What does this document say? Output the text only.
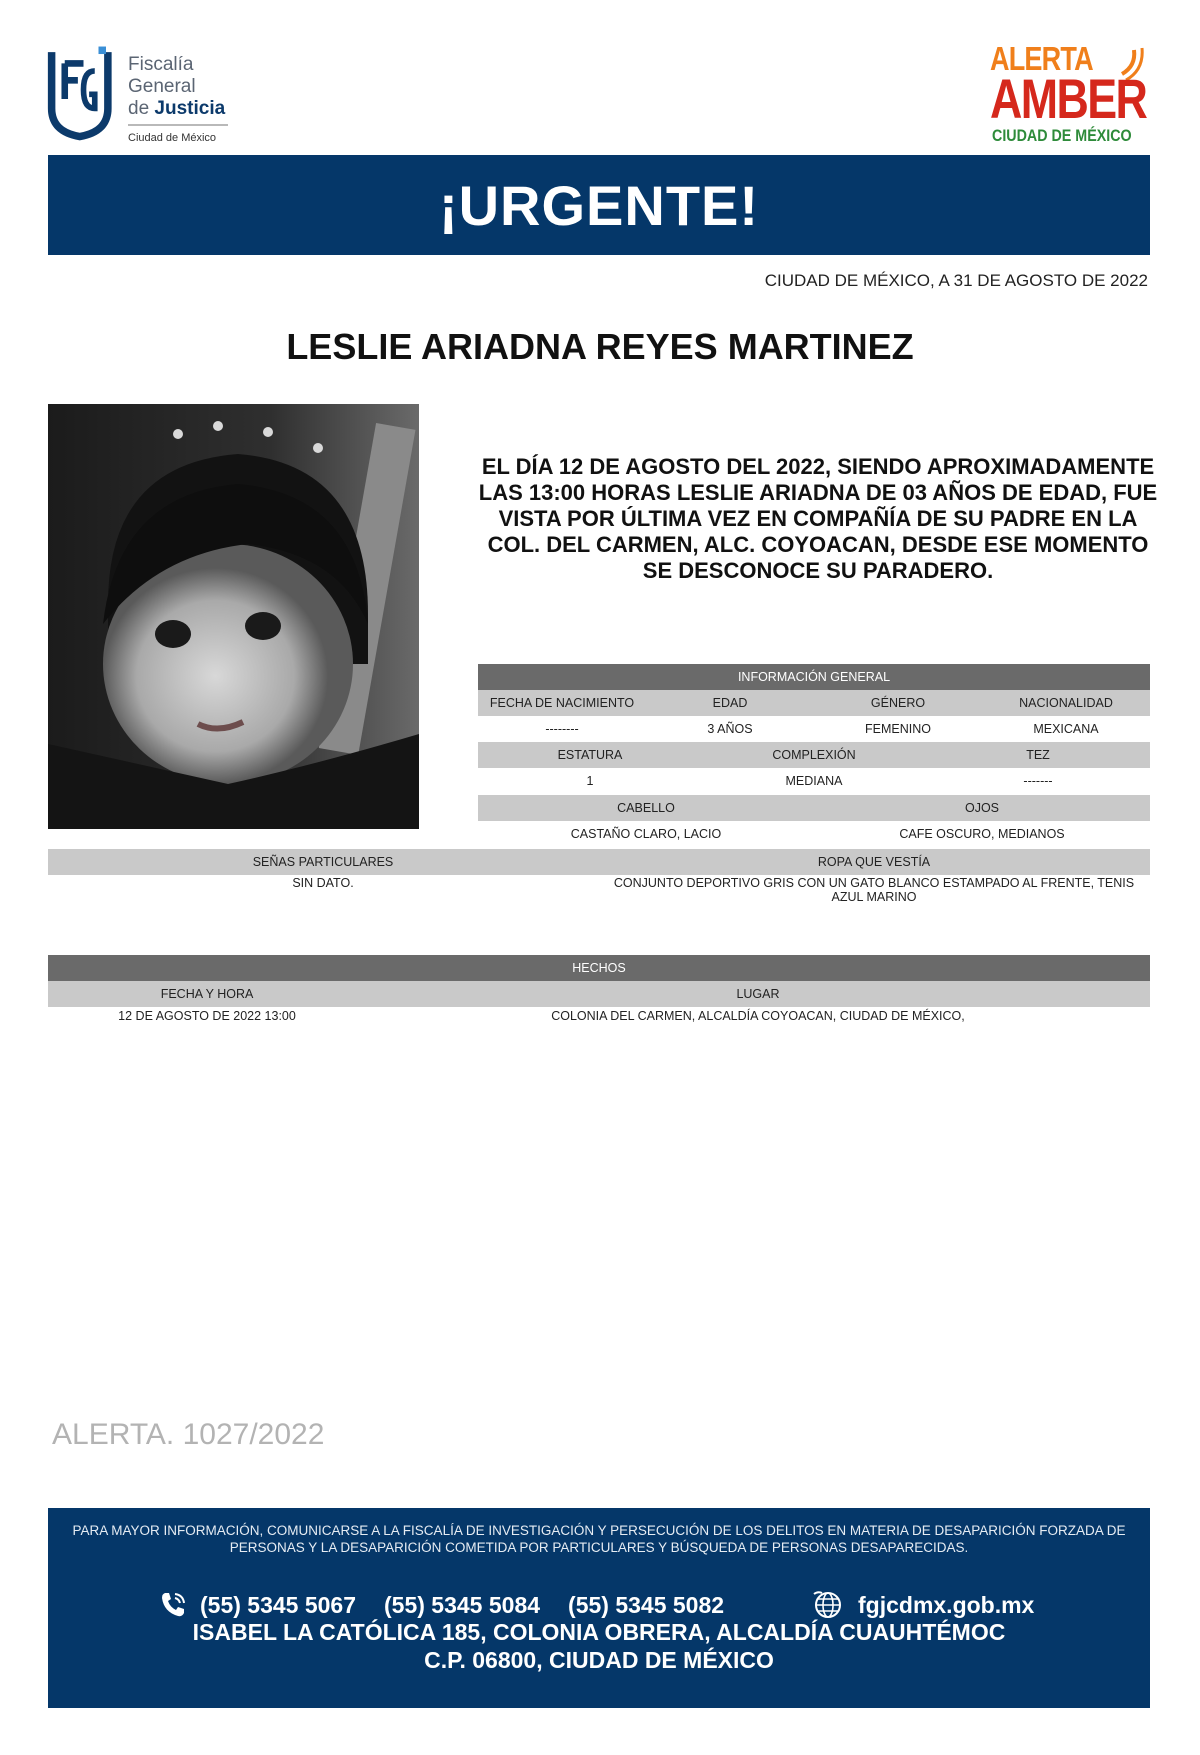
Fiscalía
General
de Justicia
Ciudad de México
ALERTA
AMBER
CIUDAD DE MÉXICO
¡URGENTE!
CIUDAD DE MÉXICO, A 31 DE AGOSTO DE 2022
LESLIE ARIADNA REYES MARTINEZ
EL DÍA 12 DE AGOSTO DEL 2022, SIENDO APROXIMADAMENTE LAS 13:00 HORAS LESLIE ARIADNA DE 03 AÑOS DE EDAD, FUE VISTA POR ÚLTIMA VEZ EN COMPAÑÍA DE SU PADRE EN LA COL. DEL CARMEN, ALC. COYOACAN, DESDE ESE MOMENTO SE DESCONOCE SU PARADERO.
INFORMACIÓN GENERAL
FECHA DE NACIMIENTO	EDAD	GÉNERO	NACIONALIDAD
--------	3 AÑOS	FEMENINO	MEXICANA
ESTATURA	COMPLEXIÓN	TEZ
1	MEDIANA	-------
CABELLO	OJOS
CASTAÑO CLARO, LACIO	CAFE OSCURO, MEDIANOS
SEÑAS PARTICULARES	ROPA QUE VESTÍA
SIN DATO.	CONJUNTO DEPORTIVO GRIS CON UN GATO BLANCO ESTAMPADO AL FRENTE, TENIS AZUL MARINO
HECHOS
FECHA Y HORA	LUGAR
12 DE AGOSTO DE 2022 13:00	COLONIA DEL CARMEN, ALCALDÍA COYOACAN, CIUDAD DE MÉXICO,
ALERTA. 1027/2022
PARA MAYOR INFORMACIÓN, COMUNICARSE A LA FISCALÍA DE INVESTIGACIÓN Y PERSECUCIÓN DE LOS DELITOS EN MATERIA DE DESAPARICIÓN FORZADA DE PERSONAS Y LA DESAPARICIÓN COMETIDA POR PARTICULARES Y BÚSQUEDA DE PERSONAS DESAPARECIDAS.
(55) 5345 5067 (55) 5345 5084 (55) 5345 5082	fgjcdmx.gob.mx
ISABEL LA CATÓLICA 185, COLONIA OBRERA, ALCALDÍA CUAUHTÉMOC
C.P. 06800, CIUDAD DE MÉXICO
